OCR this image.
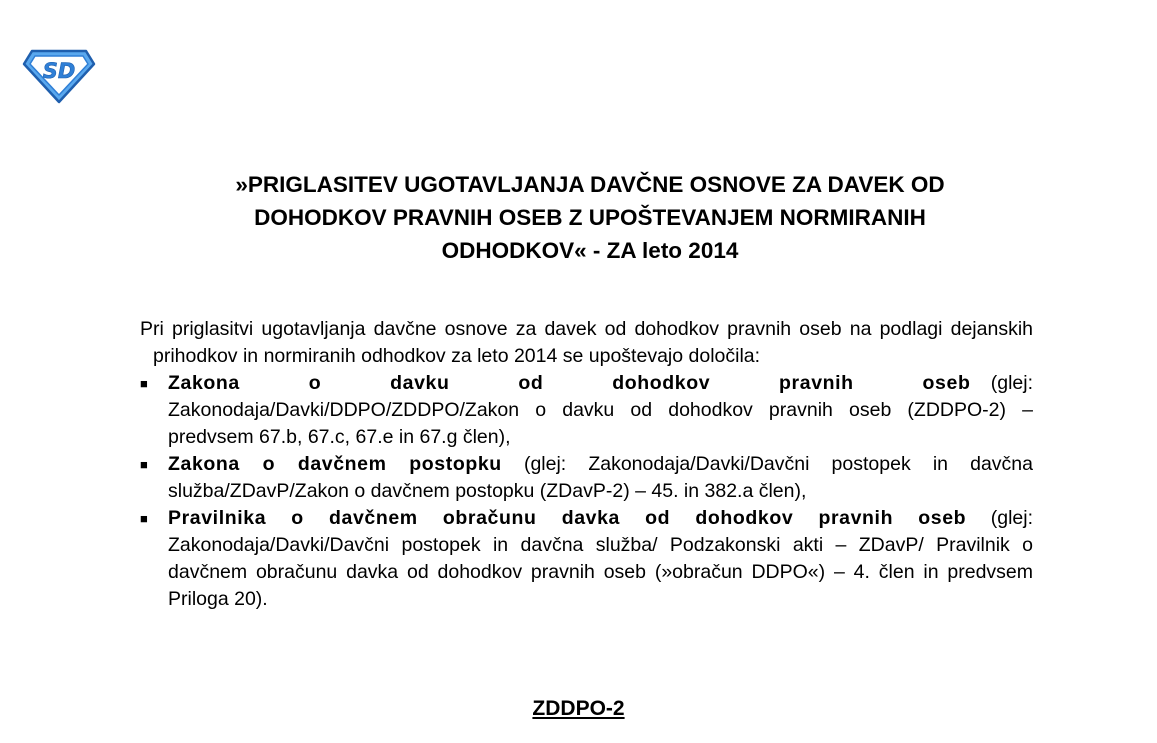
SD
»PRIGLASITEV UGOTAVLJANJA DAVČNE OSNOVE ZA DAVEK OD
DOHODKOV PRAVNIH OSEB Z UPOŠTEVANJEM NORMIRANIH
ODHODKOV« - ZA leto 2014
Pri priglasitvi ugotavljanja davčne osnove za davek od dohodkov pravnih oseb na podlagi dejanskih prihodkov in normiranih odhodkov za leto 2014 se upoštevajo določila:
■	Zakona o davku od dohodkov pravnih oseb (glej: Zakonodaja/Davki/DDPO/ZDDPO/Zakon o davku od dohodkov pravnih oseb (ZDDPO-2) – predvsem 67.b, 67.c, 67.e in 67.g člen),
■	Zakona o davčnem postopku (glej: Zakonodaja/Davki/Davčni postopek in davčna služba/ZDavP/Zakon o davčnem postopku (ZDavP-2) – 45. in 382.a člen),
■	Pravilnika o davčnem obračunu davka od dohodkov pravnih oseb (glej: Zakonodaja/Davki/Davčni postopek in davčna služba/ Podzakonski akti – ZDavP/ Pravilnik o davčnem obračunu davka od dohodkov pravnih oseb (»obračun DDPO«) – 4. člen in predvsem Priloga 20).
ZDDPO-2
